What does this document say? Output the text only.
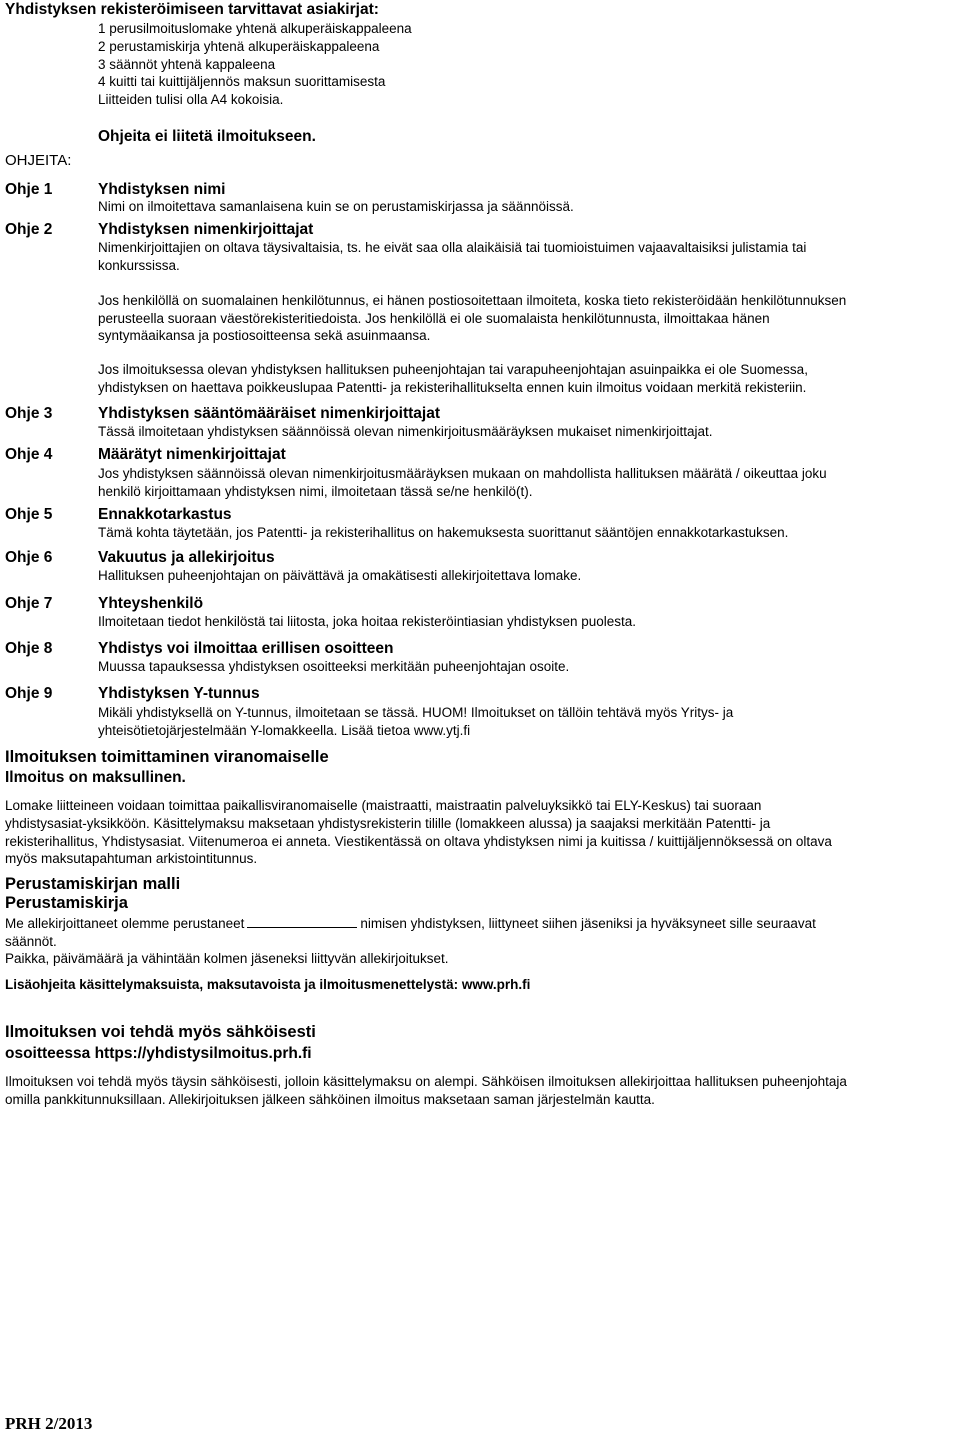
Yhdistyksen rekisteröimiseen tarvittavat asiakirjat:
1 perusilmoituslomake yhtenä alkuperäiskappaleena
2 perustamiskirja yhtenä alkuperäiskappaleena
3 säännöt yhtenä kappaleena
4 kuitti tai kuittijäljennös maksun suorittamisesta
Liitteiden tulisi olla A4 kokoisia.
Ohjeita ei liitetä ilmoitukseen.
OHJEITA:
Ohje 1	Yhdistyksen nimi
Nimi on ilmoitettava samanlaisena kuin se on perustamiskirjassa ja säännöissä.
Ohje 2	Yhdistyksen nimenkirjoittajat
Nimenkirjoittajien on oltava täysivaltaisia, ts. he eivät saa olla alaikäisiä tai tuomioistuimen vajaavaltaisiksi julistamia tai
konkurssissa.
Jos henkilöllä on suomalainen henkilötunnus, ei hänen postiosoitettaan ilmoiteta, koska tieto rekisteröidään henkilötunnuksen
perusteella suoraan väestörekisteritiedoista. Jos henkilöllä ei ole suomalaista henkilötunnusta, ilmoittakaa hänen
syntymäaikansa ja postiosoitteensa sekä asuinmaansa.
Jos ilmoituksessa olevan yhdistyksen hallituksen puheenjohtajan tai varapuheenjohtajan asuinpaikka ei ole Suomessa,
yhdistyksen on haettava poikkeuslupaa Patentti- ja rekisterihallitukselta ennen kuin ilmoitus voidaan merkitä rekisteriin.
Ohje 3	Yhdistyksen sääntömääräiset nimenkirjoittajat
Tässä ilmoitetaan yhdistyksen säännöissä olevan nimenkirjoitusmääräyksen mukaiset nimenkirjoittajat.
Ohje 4	Määrätyt nimenkirjoittajat
Jos yhdistyksen säännöissä olevan nimenkirjoitusmääräyksen mukaan on mahdollista hallituksen määrätä / oikeuttaa joku
henkilö kirjoittamaan yhdistyksen nimi, ilmoitetaan tässä se/ne henkilö(t).
Ohje 5	Ennakkotarkastus
Tämä kohta täytetään, jos Patentti- ja rekisterihallitus on hakemuksesta suorittanut sääntöjen ennakkotarkastuksen.
Ohje 6	Vakuutus ja allekirjoitus
Hallituksen puheenjohtajan on päivättävä ja omakätisesti allekirjoitettava lomake.
Ohje 7	Yhteyshenkilö
Ilmoitetaan tiedot henkilöstä tai liitosta, joka hoitaa rekisteröintiasian yhdistyksen puolesta.
Ohje 8	Yhdistys voi ilmoittaa erillisen osoitteen
Muussa tapauksessa yhdistyksen osoitteeksi merkitään puheenjohtajan osoite.
Ohje 9	Yhdistyksen Y-tunnus
Mikäli yhdistyksellä on Y-tunnus, ilmoitetaan se tässä. HUOM! Ilmoitukset on tällöin tehtävä myös Yritys- ja
yhteisötietojärjestelmään Y-lomakkeella. Lisää tietoa www.ytj.fi
Ilmoituksen toimittaminen viranomaiselle
Ilmoitus on maksullinen.
Lomake liitteineen voidaan toimittaa paikallisviranomaiselle (maistraatti, maistraatin palveluyksikkö tai ELY-Keskus) tai suoraan
yhdistysasiat-yksikköön. Käsittelymaksu maksetaan yhdistysrekisterin tilille (lomakkeen alussa) ja saajaksi merkitään Patentti- ja
rekisterihallitus, Yhdistysasiat. Viitenumeroa ei anneta. Viestikentässä on oltava yhdistyksen nimi ja kuitissa / kuittijäljennöksessä on oltava
myös maksutapahtuman arkistointitunnus.
Perustamiskirjan malli
Perustamiskirja
Me allekirjoittaneet olemme perustaneet	nimisen yhdistyksen, liittyneet siihen jäseniksi ja hyväksyneet sille seuraavat
säännöt.
Paikka, päivämäärä ja vähintään kolmen jäseneksi liittyvän allekirjoitukset.
Lisäohjeita käsittelymaksuista, maksutavoista ja ilmoitusmenettelystä: www.prh.fi
Ilmoituksen voi tehdä myös sähköisesti
osoitteessa https://yhdistysilmoitus.prh.fi
Ilmoituksen voi tehdä myös täysin sähköisesti, jolloin käsittelymaksu on alempi. Sähköisen ilmoituksen allekirjoittaa hallituksen puheenjohtaja
omilla pankkitunnuksillaan. Allekirjoituksen jälkeen sähköinen ilmoitus maksetaan saman järjestelmän kautta.
PRH 2/2013
